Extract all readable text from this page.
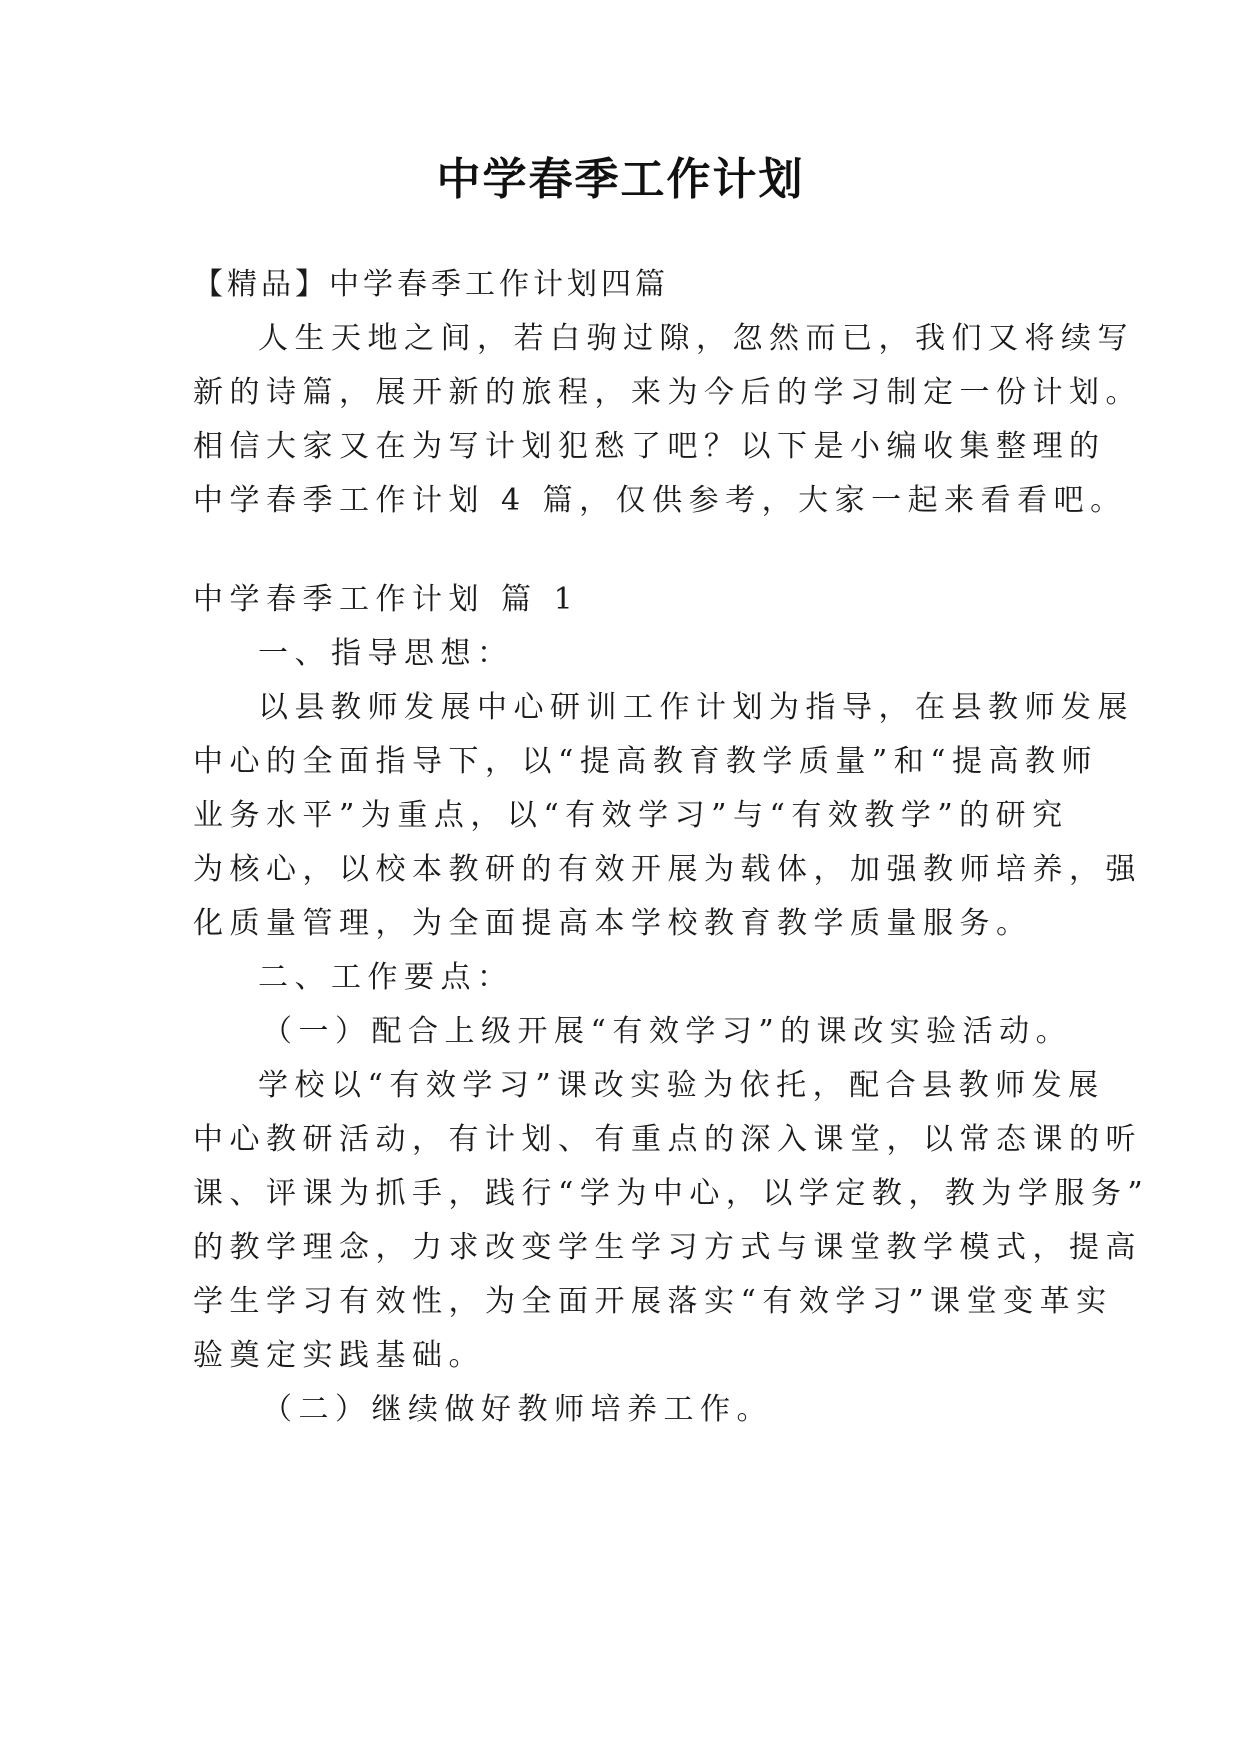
中学春季工作计划
【精品】中学春季工作计划四篇
人生天地之间，若白驹过隙，忽然而已，我们又将续写
新的诗篇，展开新的旅程，来为今后的学习制定一份计划。
相信大家又在为写计划犯愁了吧？以下是小编收集整理的
中学春季工作计划 4 篇，仅供参考，大家一起来看看吧。
中学春季工作计划 篇 1
一、指导思想：
以县教师发展中心研训工作计划为指导，在县教师发展
中心的全面指导下，以“提高教育教学质量”和“提高教师
业务水平”为重点，以“有效学习”与“有效教学”的研究
为核心，以校本教研的有效开展为载体，加强教师培养，强
化质量管理，为全面提高本学校教育教学质量服务。
二、工作要点：
（一）配合上级开展“有效学习”的课改实验活动。
学校以“有效学习”课改实验为依托，配合县教师发展
中心教研活动，有计划、有重点的深入课堂，以常态课的听
课、评课为抓手，践行“学为中心，以学定教，教为学服务”
的教学理念，力求改变学生学习方式与课堂教学模式，提高
学生学习有效性，为全面开展落实“有效学习”课堂变革实
验奠定实践基础。
（二）继续做好教师培养工作。
